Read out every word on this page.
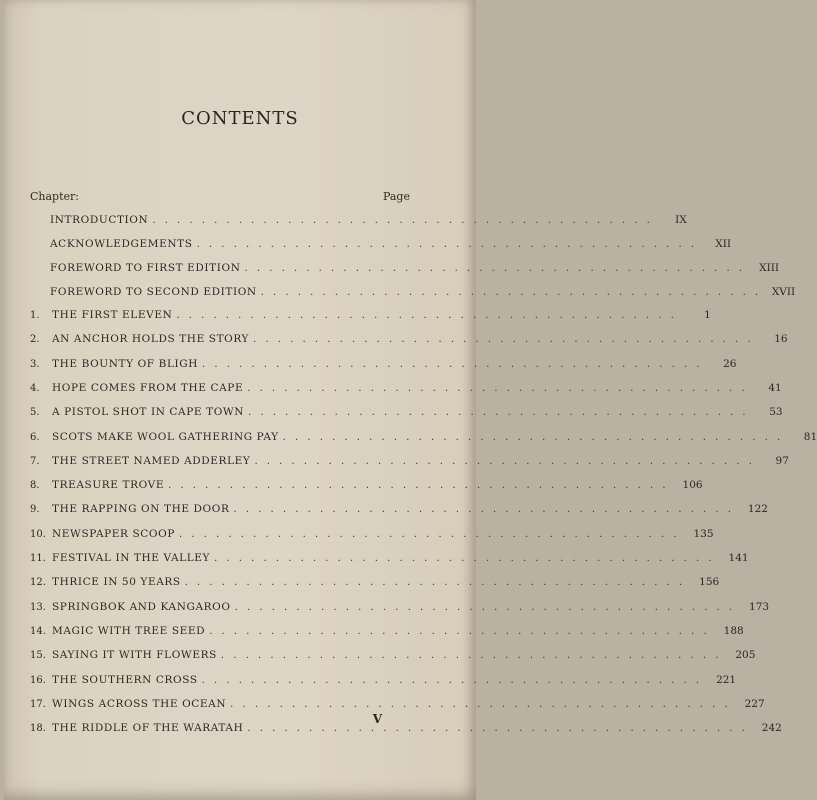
CONTENTS
Chapter:	Page
INTRODUCTION . . . . . . . . . . . . . . . . . . . . . . . . . . . . . . . . . . . . . . . . .	IX
ACKNOWLEDGEMENTS . . . . . . . . . . . . . . . . . . . . . . . . . . . . . . . . . . . . . . . . .	XII
FOREWORD TO FIRST EDITION . . . . . . . . . . . . . . . . . . . . . . . . . . . . . . . . . . . . . . . . .	XIII
FOREWORD TO SECOND EDITION . . . . . . . . . . . . . . . . . . . . . . . . . . . . . . . . . . . . . . . . .	XVII
1.	THE FIRST ELEVEN . . . . . . . . . . . . . . . . . . . . . . . . . . . . . . . . . . . . . . . . .	1
2.	AN ANCHOR HOLDS THE STORY . . . . . . . . . . . . . . . . . . . . . . . . . . . . . . . . . . . . . . . . .	16
3.	THE BOUNTY OF BLIGH . . . . . . . . . . . . . . . . . . . . . . . . . . . . . . . . . . . . . . . . .	26
4.	HOPE COMES FROM THE CAPE . . . . . . . . . . . . . . . . . . . . . . . . . . . . . . . . . . . . . . . . .	41
5.	A PISTOL SHOT IN CAPE TOWN . . . . . . . . . . . . . . . . . . . . . . . . . . . . . . . . . . . . . . . . .	53
6.	SCOTS MAKE WOOL GATHERING PAY . . . . . . . . . . . . . . . . . . . . . . . . . . . . . . . . . . . . . . . . .	81
7.	THE STREET NAMED ADDERLEY . . . . . . . . . . . . . . . . . . . . . . . . . . . . . . . . . . . . . . . . .	97
8.	TREASURE TROVE . . . . . . . . . . . . . . . . . . . . . . . . . . . . . . . . . . . . . . . . .	106
9.	THE RAPPING ON THE DOOR . . . . . . . . . . . . . . . . . . . . . . . . . . . . . . . . . . . . . . . . .	122
10. NEWSPAPER SCOOP . . . . . . . . . . . . . . . . . . . . . . . . . . . . . . . . . . . . . . . . .	135
11. FESTIVAL IN THE VALLEY . . . . . . . . . . . . . . . . . . . . . . . . . . . . . . . . . . . . . . . . .	141
12. THRICE IN 50 YEARS . . . . . . . . . . . . . . . . . . . . . . . . . . . . . . . . . . . . . . . . .	156
13. SPRINGBOK AND KANGAROO . . . . . . . . . . . . . . . . . . . . . . . . . . . . . . . . . . . . . . . . .	173
14. MAGIC WITH TREE SEED . . . . . . . . . . . . . . . . . . . . . . . . . . . . . . . . . . . . . . . . .	188
15. SAYING IT WITH FLOWERS . . . . . . . . . . . . . . . . . . . . . . . . . . . . . . . . . . . . . . . . .	205
16. THE SOUTHERN CROSS . . . . . . . . . . . . . . . . . . . . . . . . . . . . . . . . . . . . . . . . .	221
17. WINGS ACROSS THE OCEAN . . . . . . . . . . . . . . . . . . . . . . . . . . . . . . . . . . . . . . . . .	227
18. THE RIDDLE OF THE WARATAH . . . . . . . . . . . . . . . . . . . . . . . . . . . . . . . . . . . . . . . . .	242
V
